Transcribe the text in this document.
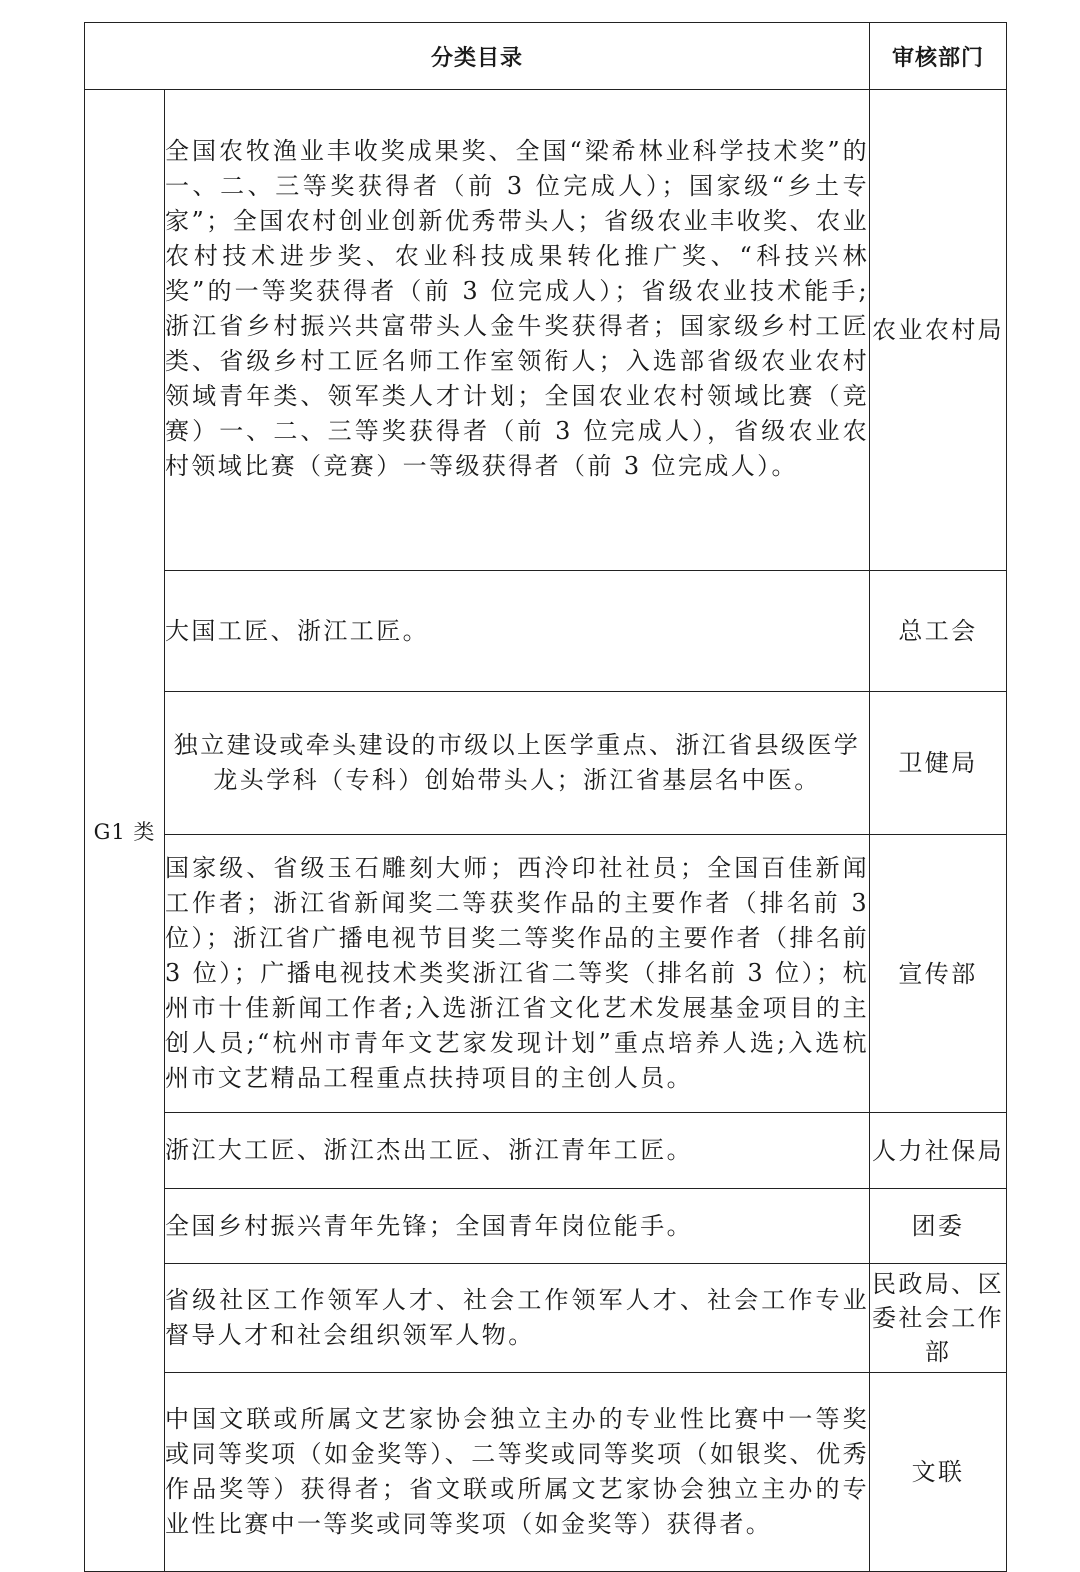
分类目录		审核部门
G1 类	全国农牧渔业丰收奖成果奖、全国“梁希林业科学技术奖”的一、二、三等奖获得者（前 3 位完成人）；国家级“乡土专家”；全国农村创业创新优秀带头人；省级农业丰收奖、农业农村技术进步奖、农业科技成果转化推广奖、“科技兴林奖”的一等奖获得者（前 3 位完成人）；省级农业技术能手;浙江省乡村振兴共富带头人金牛奖获得者；国家级乡村工匠类、省级乡村工匠名师工作室领衔人；入选部省级农业农村领域青年类、领军类人才计划；全国农业农村领域比赛（竞赛）一、二、三等奖获得者（前 3 位完成人），省级农业农村领域比赛（竞赛）一等级获得者（前 3 位完成人）。	农业农村局
	大国工匠、浙江工匠。	总工会
	独立建设或牵头建设的市级以上医学重点、浙江省县级医学龙头学科（专科）创始带头人；浙江省基层名中医。	卫健局
	国家级、省级玉石雕刻大师；西泠印社社员；全国百佳新闻工作者；浙江省新闻奖二等获奖作品的主要作者（排名前 3 位）；浙江省广播电视节目奖二等奖作品的主要作者（排名前 3 位）；广播电视技术类奖浙江省二等奖（排名前 3 位）；杭州市十佳新闻工作者;入选浙江省文化艺术发展基金项目的主创人员;“杭州市青年文艺家发现计划”重点培养人选;入选杭州市文艺精品工程重点扶持项目的主创人员。	宣传部
	浙江大工匠、浙江杰出工匠、浙江青年工匠。	人力社保局
	全国乡村振兴青年先锋；全国青年岗位能手。	团委
	省级社区工作领军人才、社会工作领军人才、社会工作专业督导人才和社会组织领军人物。	民政局、区委社会工作部
	中国文联或所属文艺家协会独立主办的专业性比赛中一等奖或同等奖项（如金奖等）、二等奖或同等奖项（如银奖、优秀作品奖等）获得者；省文联或所属文艺家协会独立主办的专业性比赛中一等奖或同等奖项（如金奖等）获得者。	文联
